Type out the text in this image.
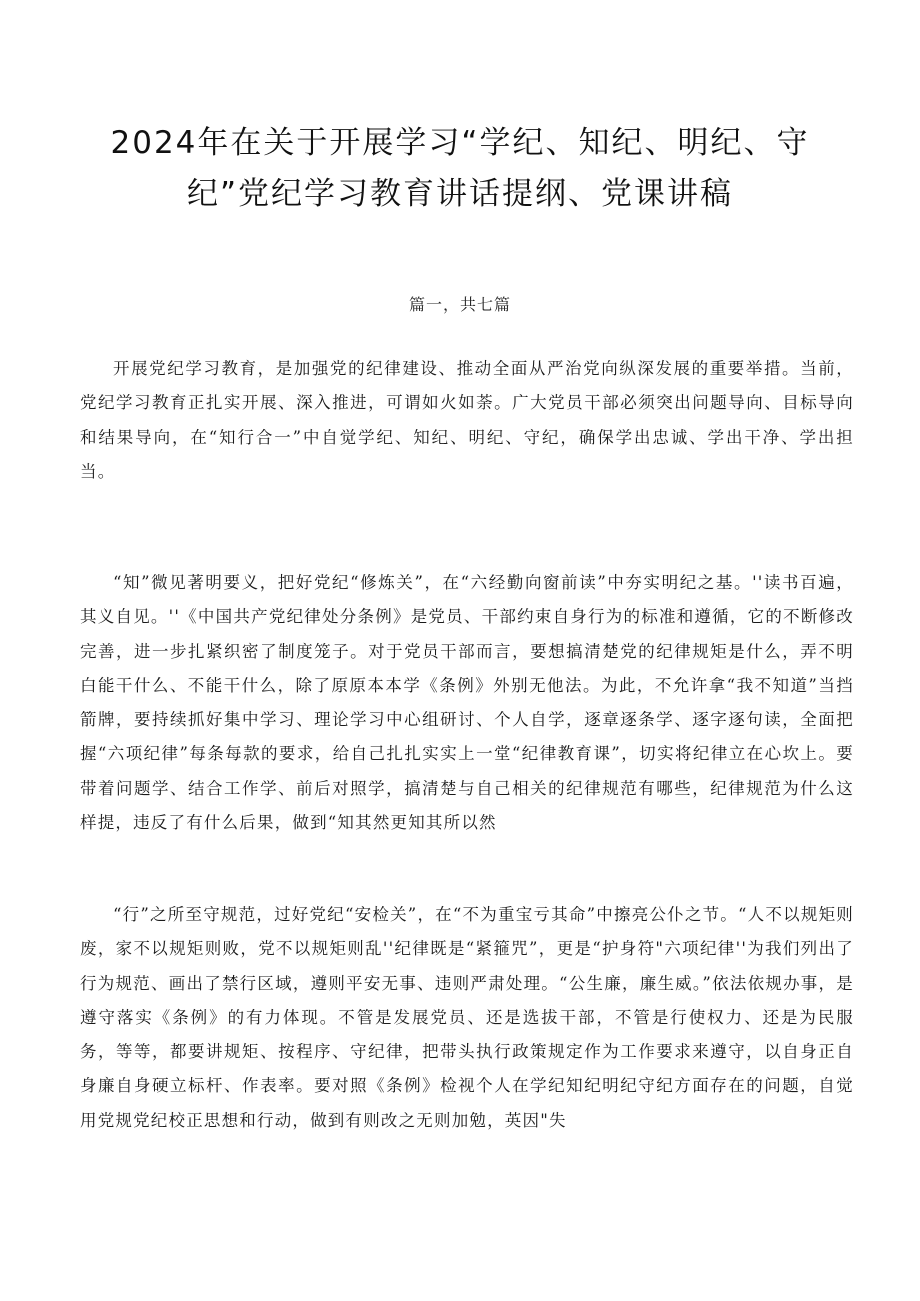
2024年在关于开展学习“学纪、知纪、明纪、守纪”党纪学习教育讲话提纲、党课讲稿
篇一，共七篇

开展党纪学习教育，是加强党的纪律建设、推动全面从严治党向纵深发展的重要举措。当前，党纪学习教育正扎实开展、深入推进，可谓如火如荼。广大党员干部必须突出问题导向、目标导向和结果导向，在“知行合一”中自觉学纪、知纪、明纪、守纪，确保学出忠诚、学出干净、学出担当。

“知”微见著明要义，把好党纪“修炼关”，在“六经勤向窗前读”中夯实明纪之基。''读书百遍，其义自见。''《中国共产党纪律处分条例》是党员、干部约束自身行为的标准和遵循，它的不断修改完善，进一步扎紧织密了制度笼子。对于党员干部而言，要想搞清楚党的纪律规矩是什么，弄不明白能干什么、不能干什么，除了原原本本学《条例》外别无他法。为此，不允许拿“我不知道”当挡箭牌，要持续抓好集中学习、理论学习中心组研讨、个人自学，逐章逐条学、逐字逐句读，全面把握“六项纪律”每条每款的要求，给自己扎扎实实上一堂“纪律教育课”，切实将纪律立在心坎上。要带着问题学、结合工作学、前后对照学，搞清楚与自己相关的纪律规范有哪些，纪律规范为什么这样提，违反了有什么后果，做到“知其然更知其所以然

“行”之所至守规范，过好党纪“安检关”，在“不为重宝亏其命”中擦亮公仆之节。“人不以规矩则废，家不以规矩则败，党不以规矩则乱''纪律既是“紧箍咒”，更是“护身符"六项纪律''为我们列出了行为规范、画出了禁行区域，遵则平安无事、违则严肃处理。“公生廉，廉生威。”依法依规办事，是遵守落实《条例》的有力体现。不管是发展党员、还是选拔干部，不管是行使权力、还是为民服务，等等，都要讲规矩、按程序、守纪律，把带头执行政策规定作为工作要求来遵守，以自身正自身廉自身硬立标杆、作表率。要对照《条例》检视个人在学纪知纪明纪守纪方面存在的问题，自觉用党规党纪校正思想和行动，做到有则改之无则加勉，英因"失
